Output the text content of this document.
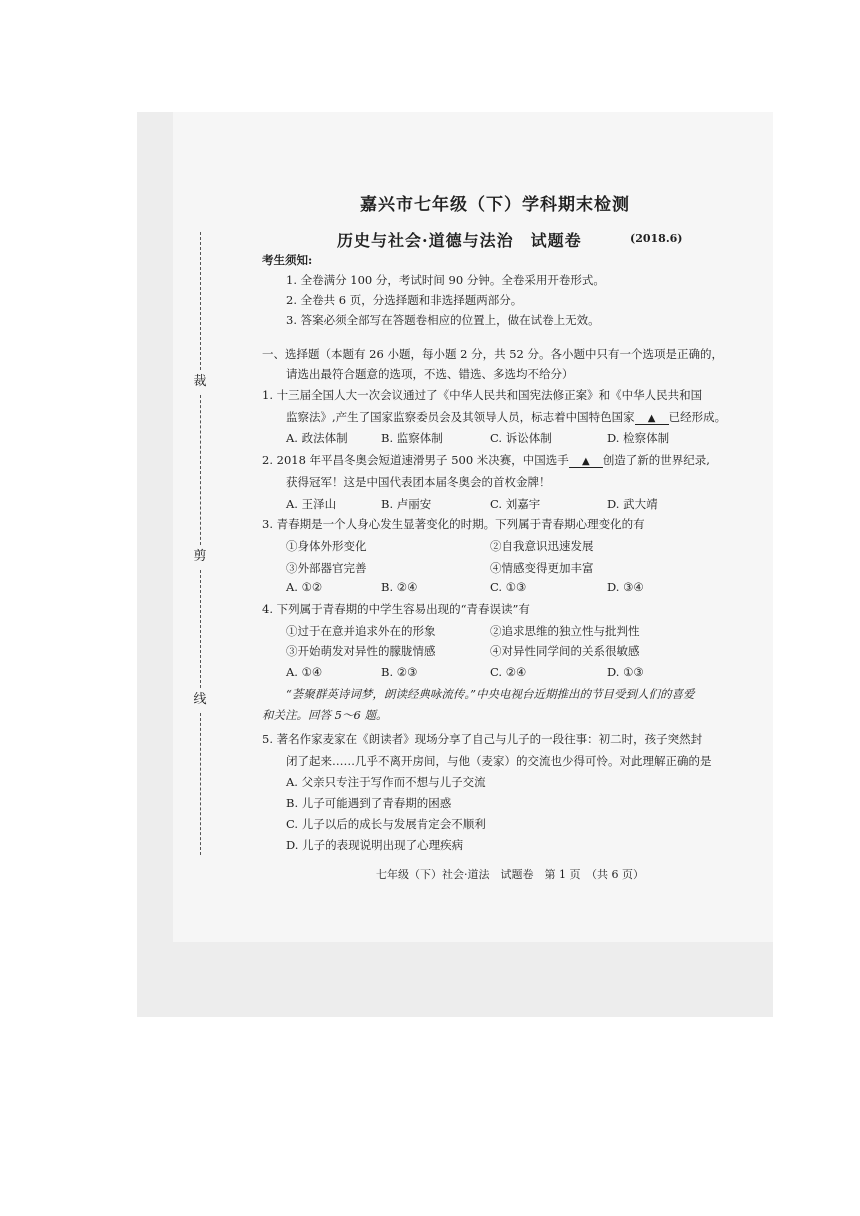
裁
剪
线
嘉兴市七年级（下）学科期末检测
历史与社会·道德与法治　试题卷	(2018.6)
考生须知:
1. 全卷满分 100 分，考试时间 90 分钟。全卷采用开卷形式。
2. 全卷共 6 页，分选择题和非选择题两部分。
3. 答案必须全部写在答题卷相应的位置上，做在试卷上无效。
一、选择题（本题有 26 小题，每小题 2 分，共 52 分。各小题中只有一个选项是正确的，
请选出最符合题意的选项，不选、错选、多选均不给分）
1. 十三届全国人大一次会议通过了《中华人民共和国宪法修正案》和《中华人民共和国
监察法》,产生了国家监察委员会及其领导人员，标志着中国特色国家 ▲ 已经形成。
A. 政法体制	B. 监察体制	C. 诉讼体制	D. 检察体制
2. 2018 年平昌冬奥会短道速滑男子 500 米决赛，中国选手 ▲ 创造了新的世界纪录,
获得冠军！这是中国代表团本届冬奥会的首枚金牌！
A. 王泽山	B. 卢丽安	C. 刘嘉宇	D. 武大靖
3. 青春期是一个人身心发生显著变化的时期。下列属于青春期心理变化的有
①身体外形变化	②自我意识迅速发展
③外部器官完善	④情感变得更加丰富
A. ①②	B. ②④	C. ①③	D. ③④
4. 下列属于青春期的中学生容易出现的“青春误读”有
①过于在意并追求外在的形象	②追求思维的独立性与批判性
③开始萌发对异性的朦胧情感	④对异性同学间的关系很敏感
A. ①④	B. ②③	C. ②④	D. ①③
“荟聚群英诗词梦，朗读经典咏流传。”中央电视台近期推出的节目受到人们的喜爱
和关注。回答 5～6 题。
5. 著名作家麦家在《朗读者》现场分享了自己与儿子的一段往事：初二时，孩子突然封
闭了起来……几乎不离开房间，与他（麦家）的交流也少得可怜。对此理解正确的是
A. 父亲只专注于写作而不想与儿子交流
B. 儿子可能遇到了青春期的困惑
C. 儿子以后的成长与发展肯定会不顺利
D. 儿子的表现说明出现了心理疾病
七年级（下）社会·道法　试题卷　第 1 页　（共 6 页）
